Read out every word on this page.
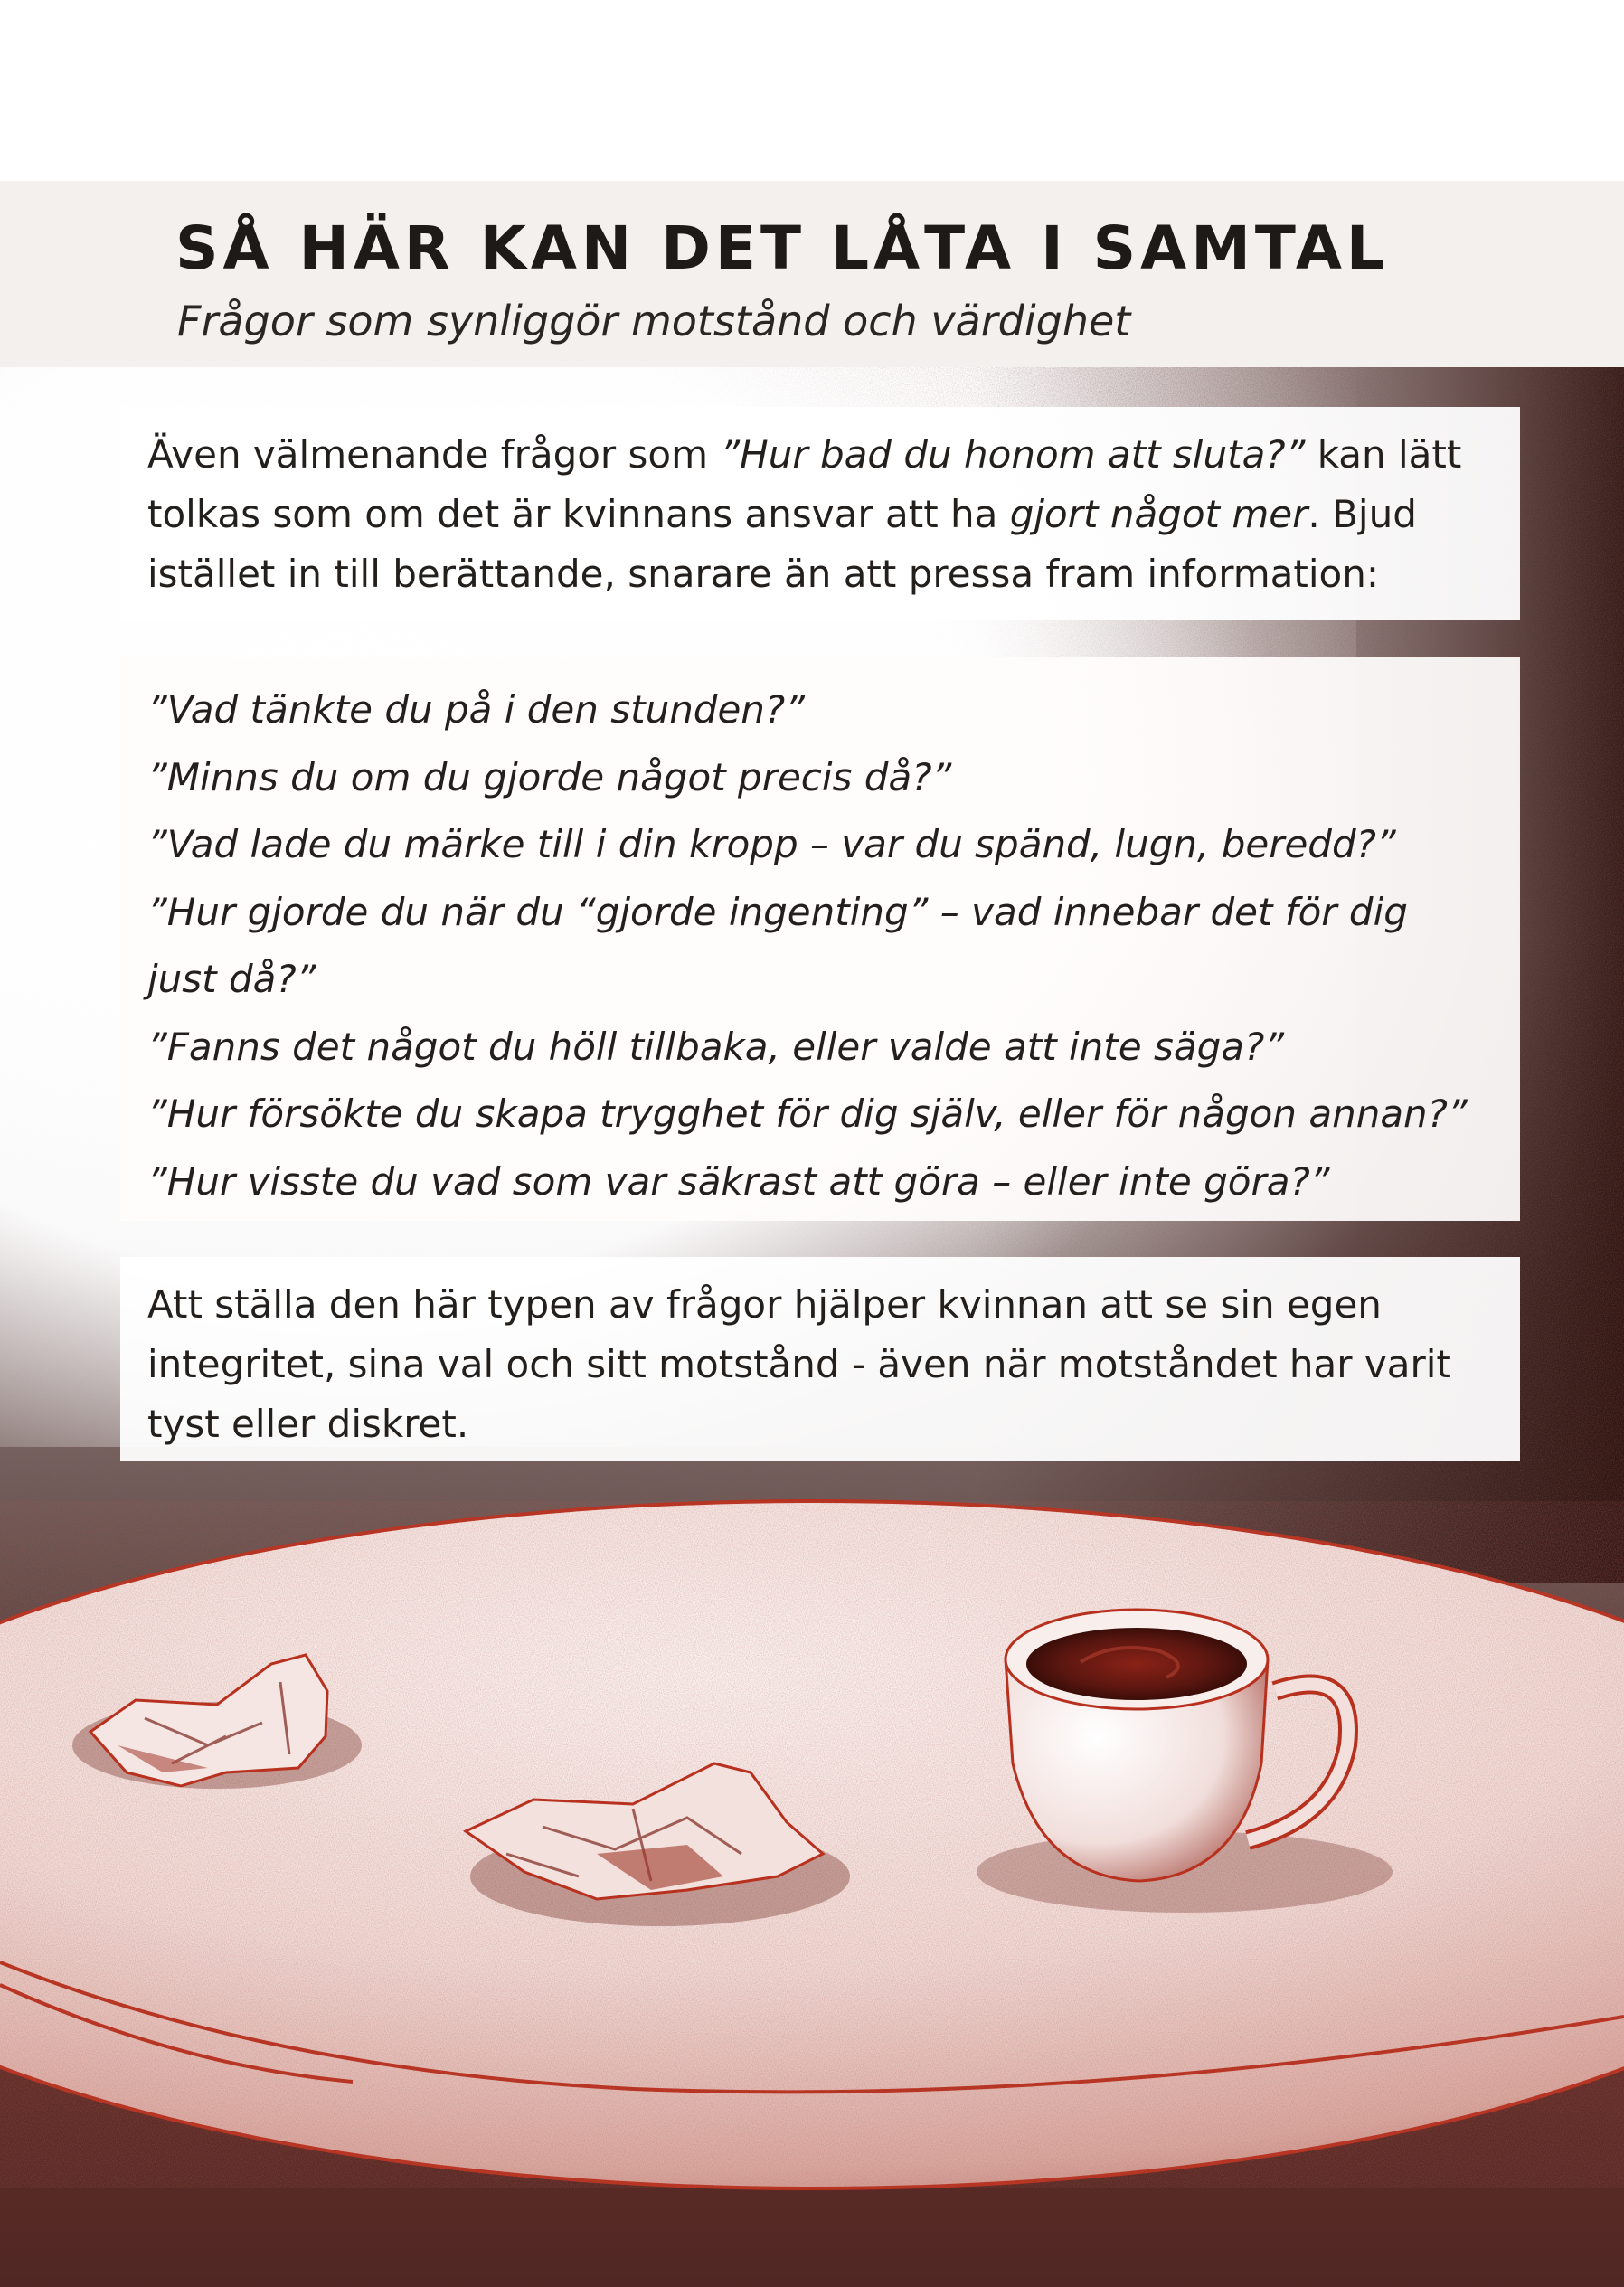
SÅ HÄR KAN DET LÅTA I SAMTAL

Frågor som synliggör motstånd och värdighet

Även välmenande frågor som ”Hur bad du honom att sluta?” kan lätt

tolkas som om det är kvinnans ansvar att ha gjort något mer. Bjud

istället in till berättande, snarare än att pressa fram information:

”Vad tänkte du på i den stunden?”
”Minns du om du gjorde något precis då?”
”Vad lade du märke till i din kropp – var du spänd, lugn, beredd?”
”Hur gjorde du när du “gjorde ingenting” – vad innebar det för dig
just då?”
”Fanns det något du höll tillbaka, eller valde att inte säga?”
”Hur försökte du skapa trygghet för dig själv, eller för någon annan?”
”Hur visste du vad som var säkrast att göra – eller inte göra?”

Att ställa den här typen av frågor hjälper kvinnan att se sin egen

integritet, sina val och sitt motstånd - även när motståndet har varit

tyst eller diskret.
